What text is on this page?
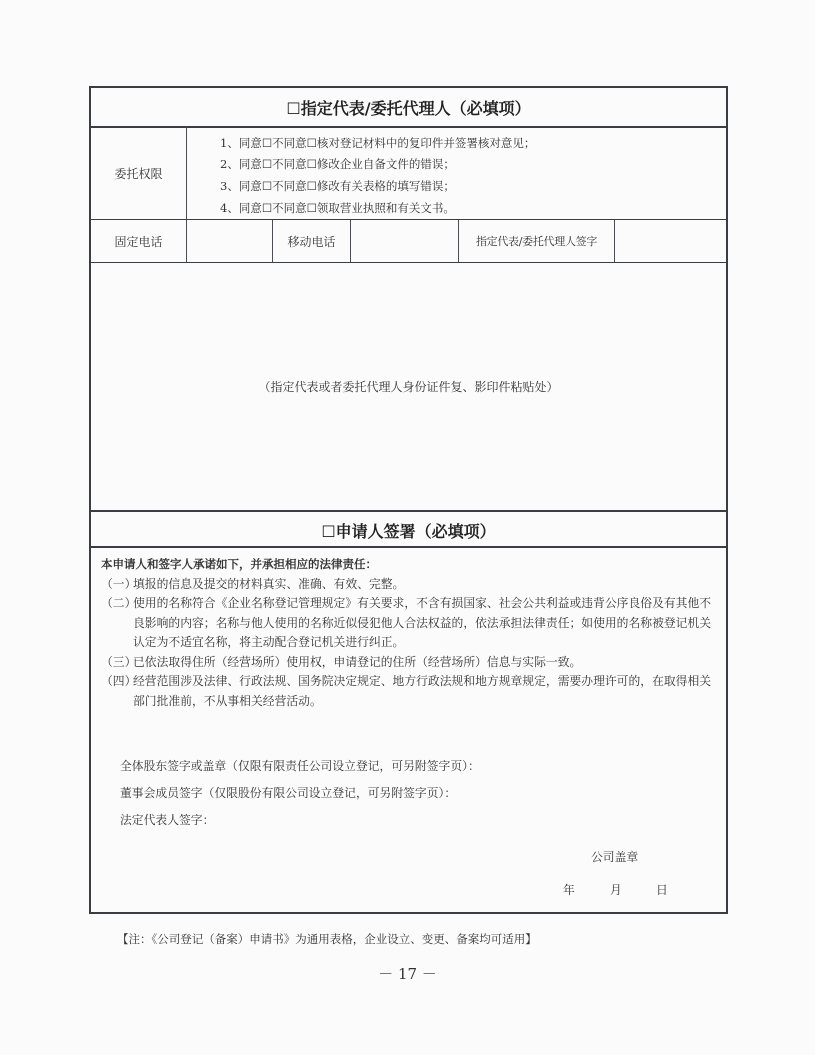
☐指定代表/委托代理人（必填项）
委托权限
1、同意☐不同意☐核对登记材料中的复印件并签署核对意见；
2、同意☐不同意☐修改企业自备文件的错误；
3、同意☐不同意☐修改有关表格的填写错误；
4、同意☐不同意☐领取营业执照和有关文书。
固定电话	移动电话	指定代表/委托代理人签字
（指定代表或者委托代理人身份证件复、影印件粘贴处）
☐申请人签署（必填项）
本申请人和签字人承诺如下，并承担相应的法律责任：
（一）
填报的信息及提交的材料真实、准确、有效、完整。
（二）
使用的名称符合《企业名称登记管理规定》有关要求，不含有损国家、社会公共利益或违背公序良俗及有其他不良影响的内容；名称与他人使用的名称近似侵犯他人合法权益的，依法承担法律责任；如使用的名称被登记机关认定为不适宜名称，将主动配合登记机关进行纠正。
（三）
已依法取得住所（经营场所）使用权，申请登记的住所（经营场所）信息与实际一致。
（四）
经营范围涉及法律、行政法规、国务院决定规定、地方行政法规和地方规章规定，需要办理许可的，在取得相关部门批准前，不从事相关经营活动。
全体股东签字或盖章（仅限有限责任公司设立登记，可另附签字页）：
董事会成员签字（仅限股份有限公司设立登记，可另附签字页）：
法定代表人签字：
公司盖章
年	月	日
【注：《公司登记（备案）申请书》为通用表格，企业设立、变更、备案均可适用】
－ 17 －
